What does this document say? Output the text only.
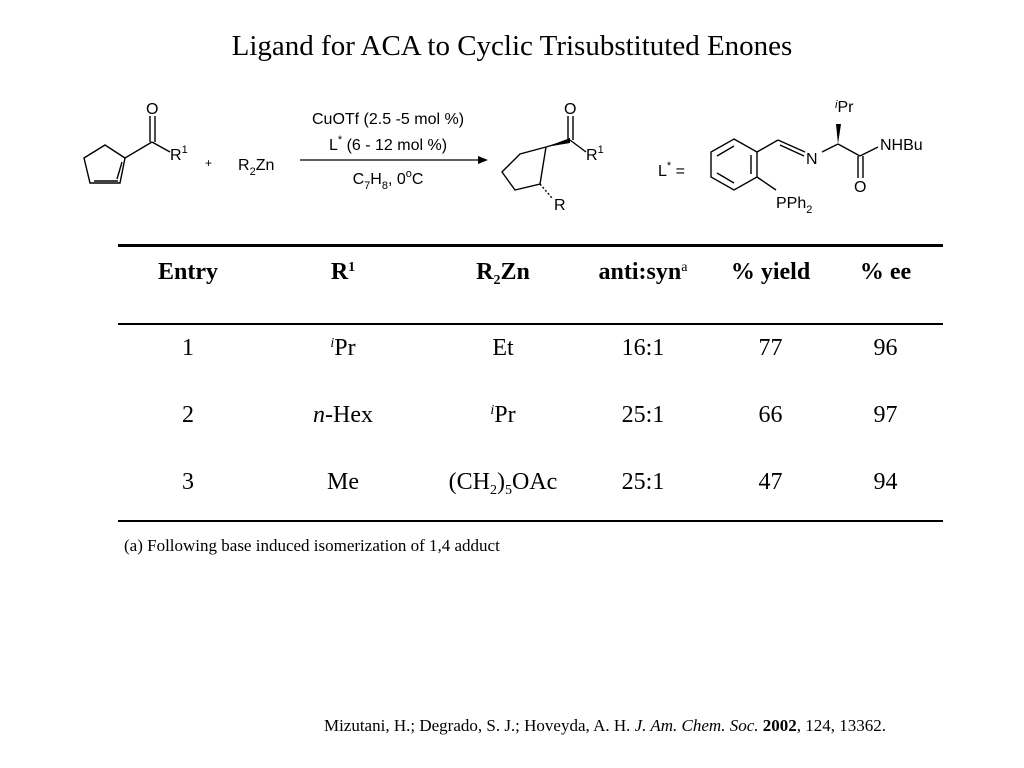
Ligand for ACA to Cyclic Trisubstituted Enones
O
$R^1$
+ $R_2Zn$
CuOTf (2.5 -5 mol %)
L* (6 - 12 mol %)
$C_7H_8$, 0$^o$C
O
$R^1$
R
L* =
$^i$Pr
N
NHBu
O
PPh$_2$
Entry	$R^1$	$R_2Zn$	anti:syn$^a$	% yield	% ee
1	$^i$Pr	Et	16:1	77	96
2	n-Hex	$^i$Pr	25:1	66	97
3	Me	$(CH_2)_5OAc$	25:1	47	94
(a) Following base induced isomerization of 1,4 adduct
Mizutani, H.; Degrado, S. J.; Hoveyda, A. H. J. Am. Chem. Soc. 2002, 124, 13362.
